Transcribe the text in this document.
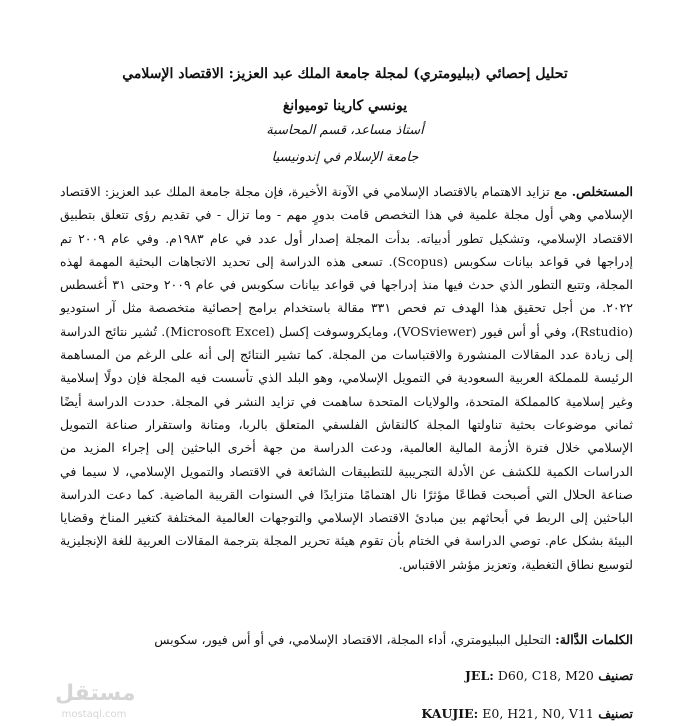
تحليل إحصائي (ببليومتري) لمجلة جامعة الملك عبد العزيز: الاقتصاد الإسلامي
يونسي كارينا توميوانغ
أستاذ مساعد، قسم المحاسبة
جامعة الإسلام في إندونيسيا
المستخلص. مع تزايد الاهتمام بالاقتصاد الإسلامي في الآونة الأخيرة، فإن مجلة جامعة الملك عبد العزيز: الاقتصاد الإسلامي وهي أول مجلة علمية في هذا التخصص قامت بدورٍ مهم - وما تزال - في تقديم رؤى تتعلق بتطبيق الاقتصاد الإسلامي، وتشكيل تطور أدبياته. بدأت المجلة إصدار أول عدد في عام ١٩٨٣م. وفي عام ٢٠٠٩ تم إدراجها في قواعد بيانات سكوبس (Scopus). تسعى هذه الدراسة إلى تحديد الاتجاهات البحثية المهمة لهذه المجلة، وتتبع التطور الذي حدث فيها منذ إدراجها في قواعد بيانات سكوبس في عام ٢٠٠٩ وحتى ٣١ أغسطس ٢٠٢٢. من أجل تحقيق هذا الهدف تم فحص ٣٣١ مقالة باستخدام برامج إحصائية متخصصة مثل آر استوديو (Rstudio)، وفي أو أس فيور (VOSviewer)، ومايكروسوفت إكسل (Microsoft Excel). تُشير نتائج الدراسة إلى زيادة عدد المقالات المنشورة والاقتباسات من المجلة. كما تشير النتائج إلى أنه على الرغم من المساهمة الرئيسة للمملكة العربية السعودية في التمويل الإسلامي، وهو البلد الذي تأسست فيه المجلة فإن دولًا إسلامية وغير إسلامية كالمملكة المتحدة، والولايات المتحدة ساهمت في تزايد النشر في المجلة. حددت الدراسة أيضًا ثماني موضوعات بحثية تناولتها المجلة كالنقاش الفلسفي المتعلق بالربا، ومتانة واستقرار صناعة التمويل الإسلامي خلال فترة الأزمة المالية العالمية، ودعت الدراسة من جهة أخرى الباحثين إلى إجراء المزيد من الدراسات الكمية للكشف عن الأدلة التجريبية للتطبيقات الشائعة في الاقتصاد والتمويل الإسلامي، لا سيما في صناعة الحلال التي أصبحت قطاعًا مؤثرًا نال اهتمامًا متزايدًا في السنوات القريبة الماضية. كما دعت الدراسة الباحثين إلى الربط في أبحاثهم بين مبادئ الاقتصاد الإسلامي والتوجهات العالمية المختلفة كتغير المناخ وقضايا البيئة بشكل عام. توصي الدراسة في الختام بأن تقوم هيئة تحرير المجلة بترجمة المقالات العربية للغة الإنجليزية لتوسيع نطاق التغطية، وتعزيز مؤشر الاقتباس.
الكلمات الدَّالة: التحليل الببليومتري، أداء المجلة، الاقتصاد الإسلامي، في أو أس فيور، سكوبس
تصنيف JEL: D60, C18, M20
تصنيف KAUJIE: E0, H21, N0, V11
مستقل
mostaql.com
